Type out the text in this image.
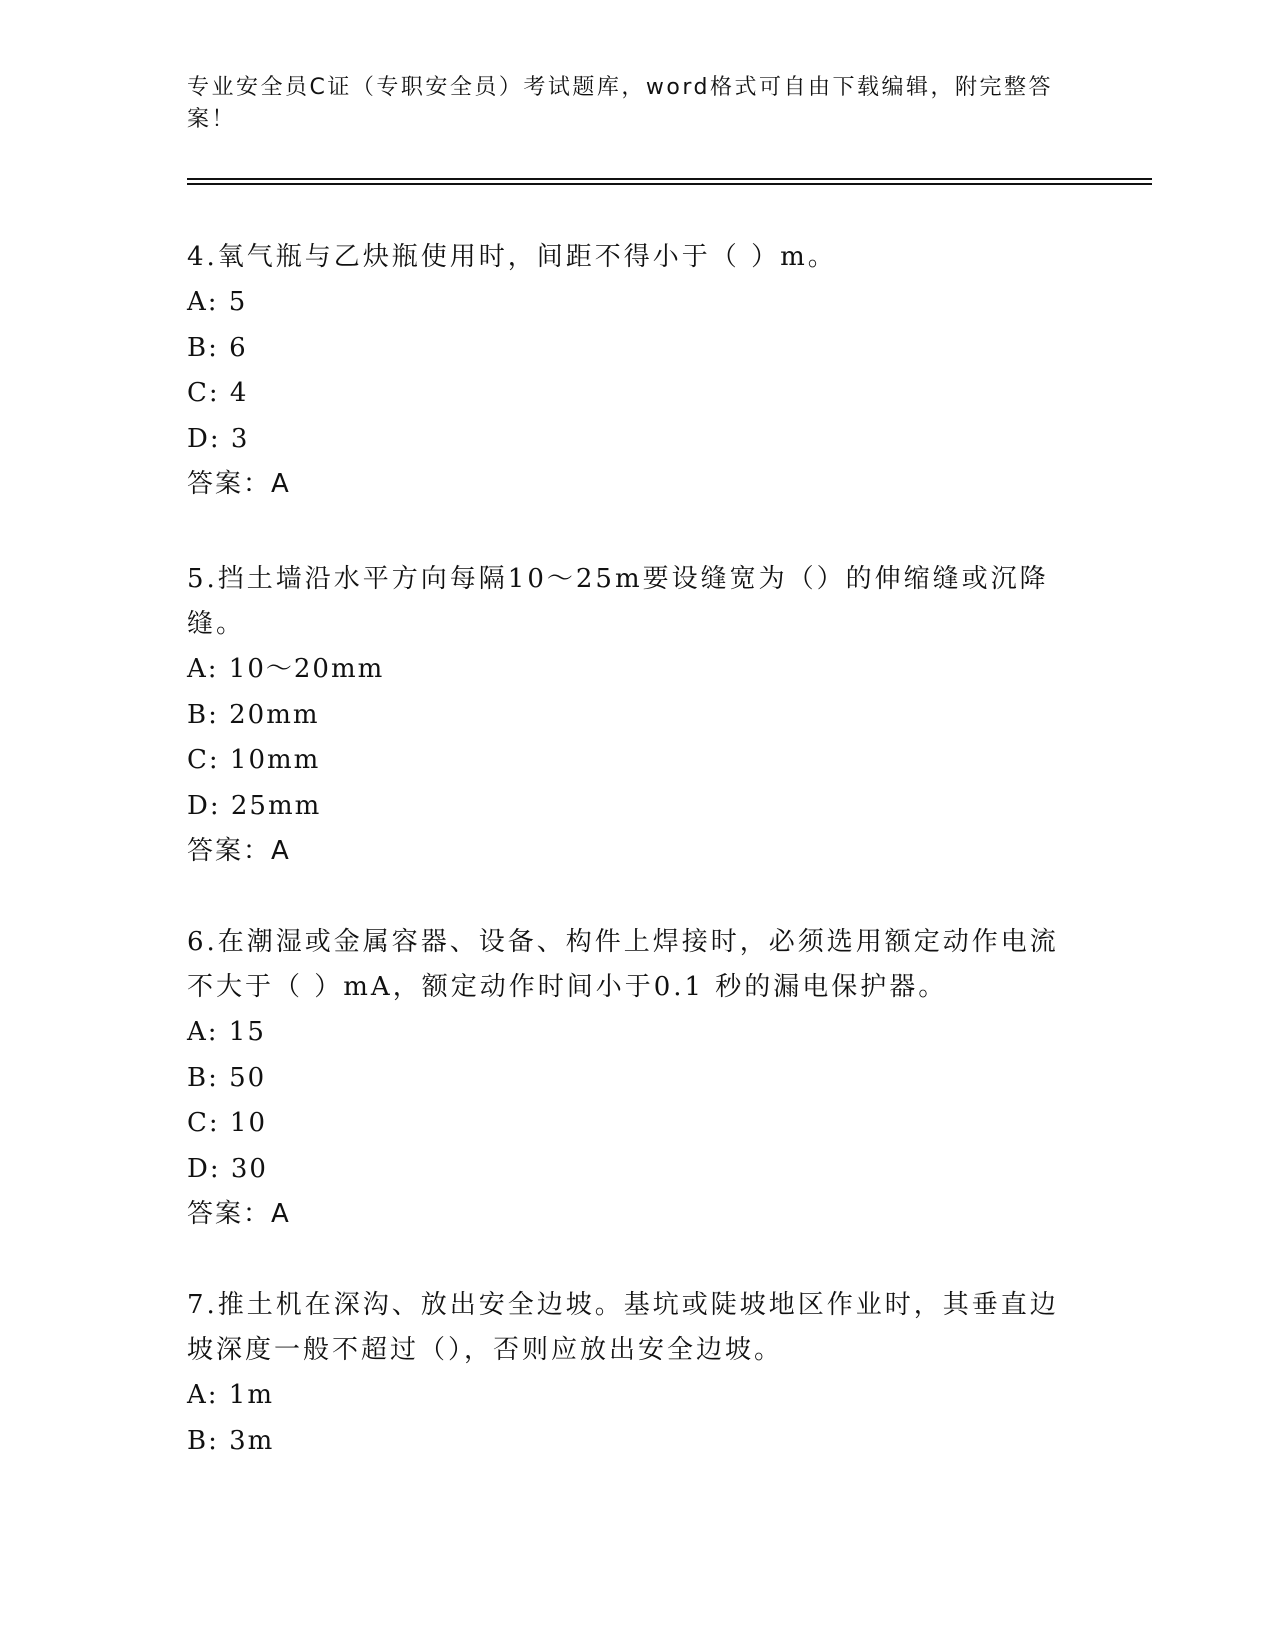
专业安全员C证（专职安全员）考试题库，word格式可自由下载编辑，附完整答案！
4.氧气瓶与乙炔瓶使用时，间距不得小于（ ）m。
A: 5
B: 6
C: 4
D: 3
答案：A
5.挡土墙沿水平方向每隔10～25m要设缝宽为（）的伸缩缝或沉降缝。
A: 10～20mm
B: 20mm
C: 10mm
D: 25mm
答案：A
6.在潮湿或金属容器、设备、构件上焊接时，必须选用额定动作电流不大于（ ）mA，额定动作时间小于0.1 秒的漏电保护器。
A: 15
B: 50
C: 10
D: 30
答案：A
7.推土机在深沟、放出安全边坡。基坑或陡坡地区作业时，其垂直边坡深度一般不超过（），否则应放出安全边坡。
A: 1m
B: 3m
